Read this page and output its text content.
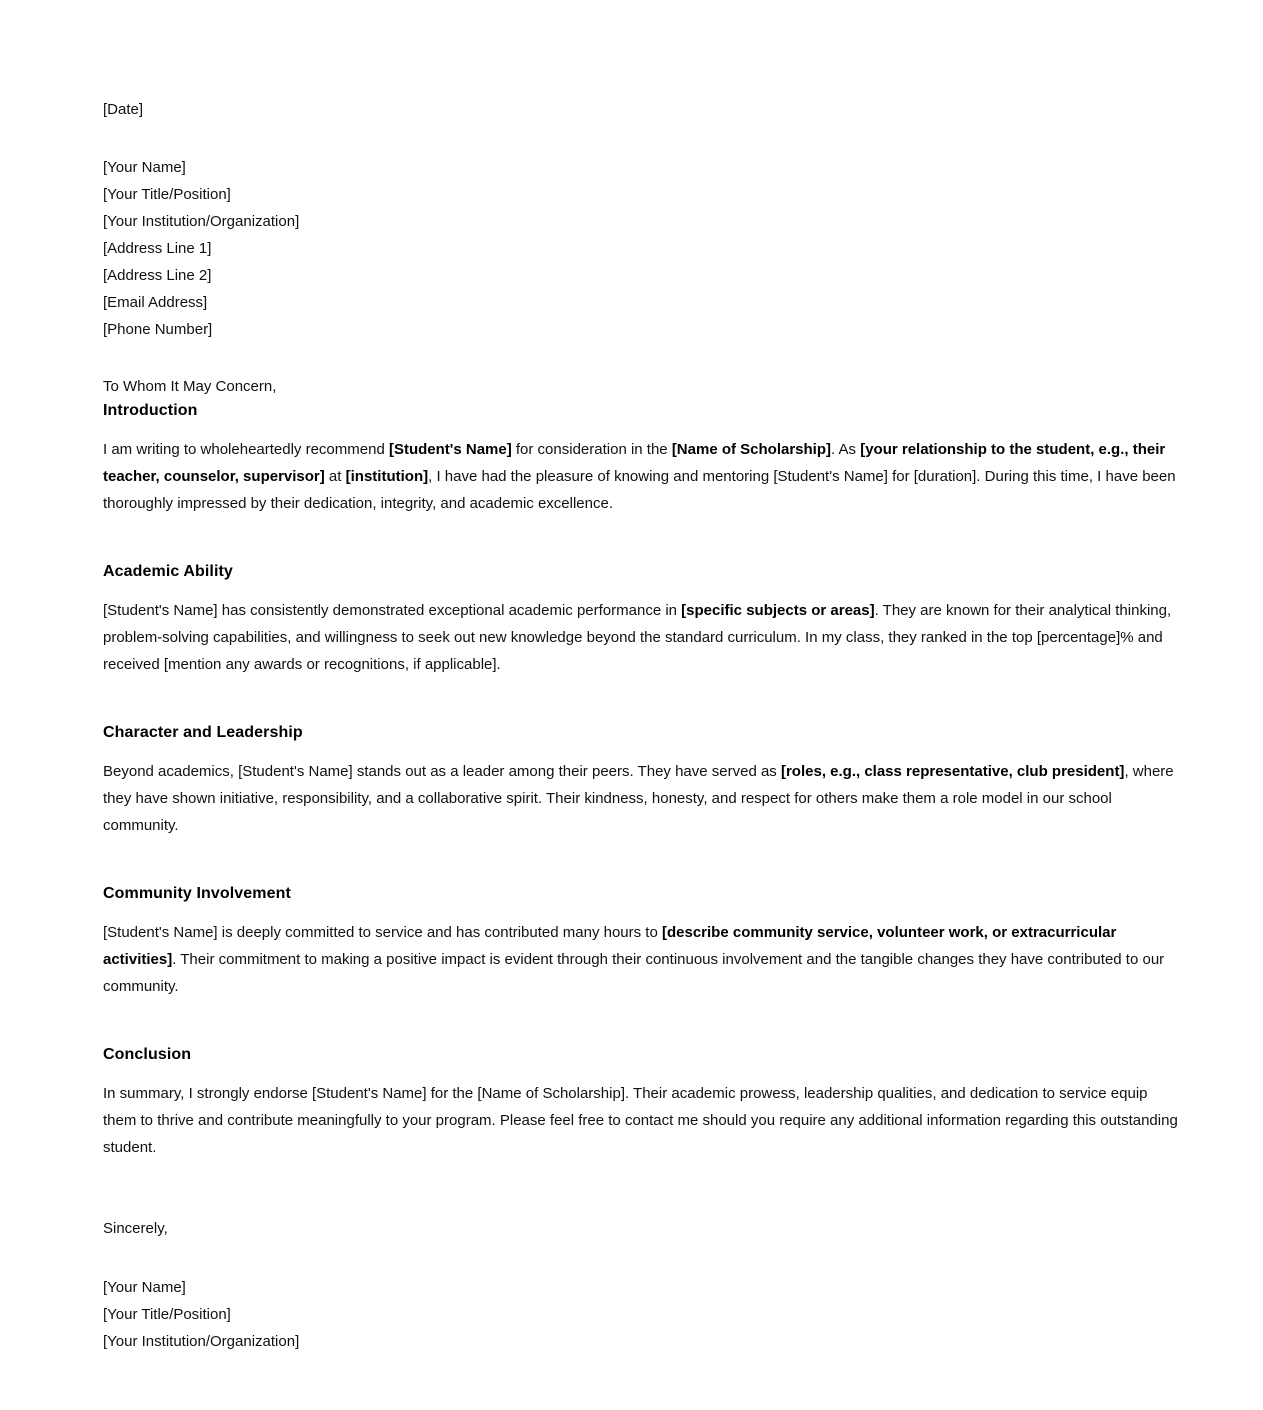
[Date]
[Your Name]
[Your Title/Position]
[Your Institution/Organization]
[Address Line 1]
[Address Line 2]
[Email Address]
[Phone Number]
To Whom It May Concern,
Introduction
I am writing to wholeheartedly recommend [Student's Name] for consideration in the [Name of Scholarship]. As [your relationship to the student, e.g., their teacher, counselor, supervisor] at [institution], I have had the pleasure of knowing and mentoring [Student's Name] for [duration]. During this time, I have been thoroughly impressed by their dedication, integrity, and academic excellence.
Academic Ability
[Student's Name] has consistently demonstrated exceptional academic performance in [specific subjects or areas]. They are known for their analytical thinking, problem-solving capabilities, and willingness to seek out new knowledge beyond the standard curriculum. In my class, they ranked in the top [percentage]% and received [mention any awards or recognitions, if applicable].
Character and Leadership
Beyond academics, [Student's Name] stands out as a leader among their peers. They have served as [roles, e.g., class representative, club president], where they have shown initiative, responsibility, and a collaborative spirit. Their kindness, honesty, and respect for others make them a role model in our school community.
Community Involvement
[Student's Name] is deeply committed to service and has contributed many hours to [describe community service, volunteer work, or extracurricular activities]. Their commitment to making a positive impact is evident through their continuous involvement and the tangible changes they have contributed to our community.
Conclusion
In summary, I strongly endorse [Student's Name] for the [Name of Scholarship]. Their academic prowess, leadership qualities, and dedication to service equip them to thrive and contribute meaningfully to your program. Please feel free to contact me should you require any additional information regarding this outstanding student.
Sincerely,
[Your Name]
[Your Title/Position]
[Your Institution/Organization]
